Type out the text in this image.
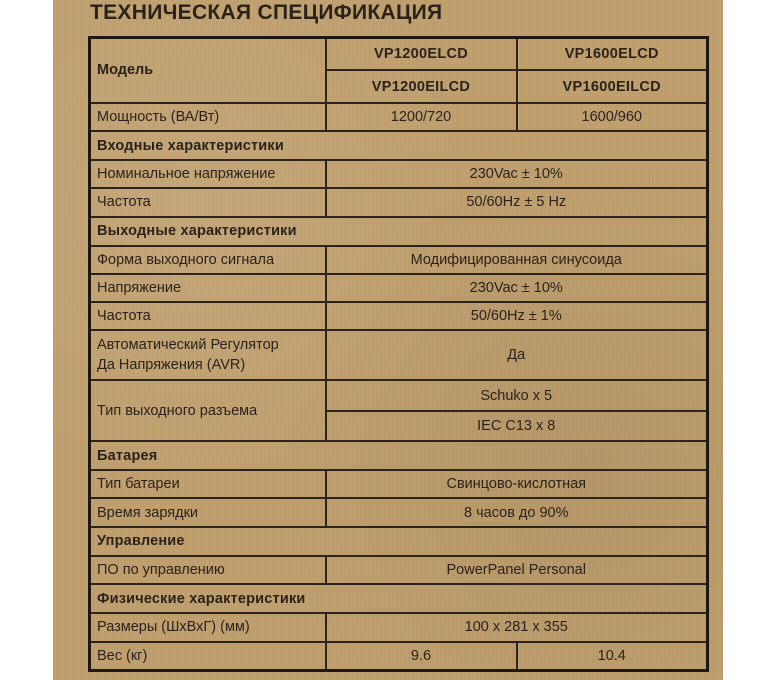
ТЕХНИЧЕСКАЯ СПЕЦИФИКАЦИЯ
Модель	VP1200ELCD	VP1600ELCD
	VP1200EILCD	VP1600EILCD
Мощность (ВА/Вт)	1200/720	1600/960
Входные характеристики		
Номинальное напряжение	230Vac ± 10%	
Частота	50/60Hz ± 5 Hz	
Выходные характеристики		
Форма выходного сигнала	Модифицированная синусоида	
Напряжение	230Vac ± 10%	
Частота	50/60Hz ± 1%	

Автоматический Регулятор
Да Напряжения (AVR)	Да	
Тип выходного разъема	Schuko x 5	
	IEC C13 x 8	
Батарея		
Тип батареи	Свинцово-кислотная	
Время зарядки	8 часов до 90%	
Управление		
ПО по управлению	PowerPanel Personal	
Физические характеристики		
Размеры (ШхВхГ) (мм)	100 x 281 x 355	
Вес (кг)	9.6	10.4
